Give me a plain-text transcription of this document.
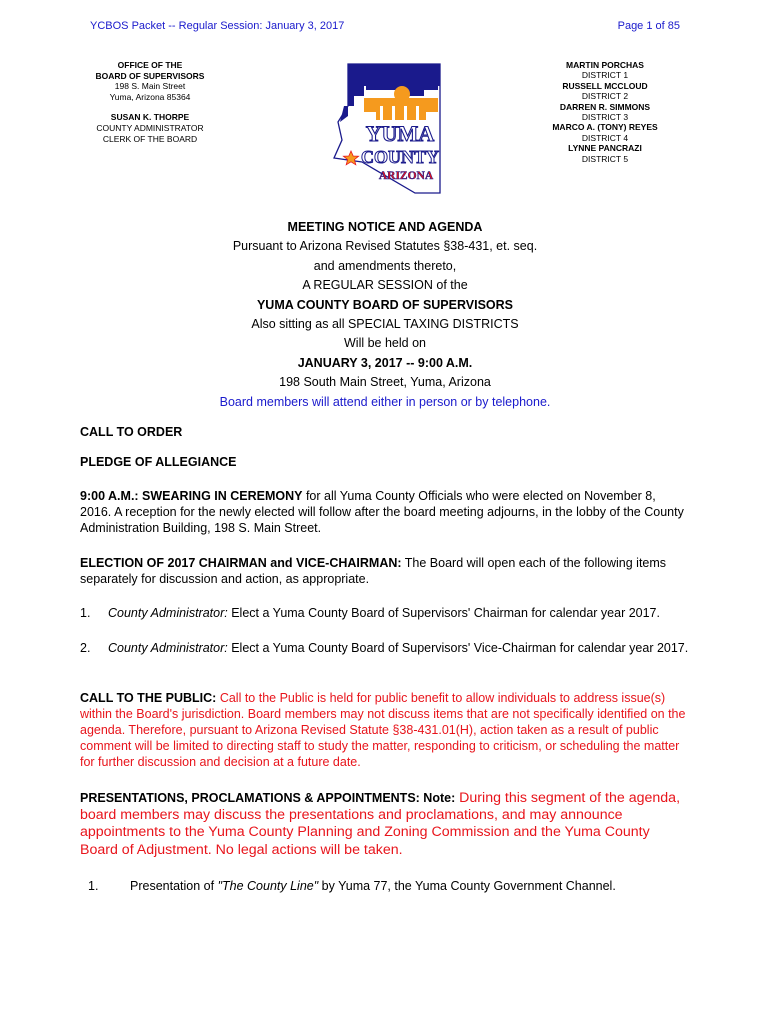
YCBOS Packet -- Regular Session: January 3, 2017	Page 1 of 85
OFFICE OF THE
BOARD OF SUPERVISORS
198 S. Main Street
Yuma, Arizona 85364
SUSAN K. THORPE
COUNTY ADMINISTRATOR
CLERK OF THE BOARD	YUMA
COUNTY
ARIZONA
MARTIN PORCHAS
DISTRICT 1
RUSSELL MCCLOUD
DISTRICT 2
DARREN R. SIMMONS
DISTRICT 3
MARCO A. (TONY) REYES
DISTRICT 4
LYNNE PANCRAZI
DISTRICT 5
MEETING NOTICE AND AGENDA
Pursuant to Arizona Revised Statutes §38-431, et. seq.
and amendments thereto,
A REGULAR SESSION of the
YUMA COUNTY BOARD OF SUPERVISORS
Also sitting as all SPECIAL TAXING DISTRICTS
Will be held on
JANUARY 3, 2017 -- 9:00 A.M.
198 South Main Street, Yuma, Arizona
Board members will attend either in person or by telephone.
CALL TO ORDER
PLEDGE OF ALLEGIANCE

9:00 A.M.: SWEARING IN CEREMONY for all Yuma County Officials who were elected on November 8, 2016. A reception for the newly elected will follow after the board meeting adjourns, in the lobby of the County Administration Building, 198 S. Main Street.

ELECTION OF 2017 CHAIRMAN and VICE-CHAIRMAN: The Board will open each of the following items separately for discussion and action, as appropriate.

1. County Administrator: Elect a Yuma County Board of Supervisors' Chairman for calendar year 2017.

2. County Administrator: Elect a Yuma County Board of Supervisors' Vice-Chairman for calendar year 2017.

CALL TO THE PUBLIC: Call to the Public is held for public benefit to allow individuals to address issue(s) within the Board's jurisdiction. Board members may not discuss items that are not specifically identified on the agenda. Therefore, pursuant to Arizona Revised Statute §38-431.01(H), action taken as a result of public comment will be limited to directing staff to study the matter, responding to criticism, or scheduling the matter for further discussion and decision at a future date.

PRESENTATIONS, PROCLAMATIONS & APPOINTMENTS: Note: During this segment of the agenda, board members may discuss the presentations and proclamations, and may announce appointments to the Yuma County Planning and Zoning Commission and the Yuma County Board of Adjustment. No legal actions will be taken.

1.	Presentation of "The County Line" by Yuma 77, the Yuma County Government Channel.
